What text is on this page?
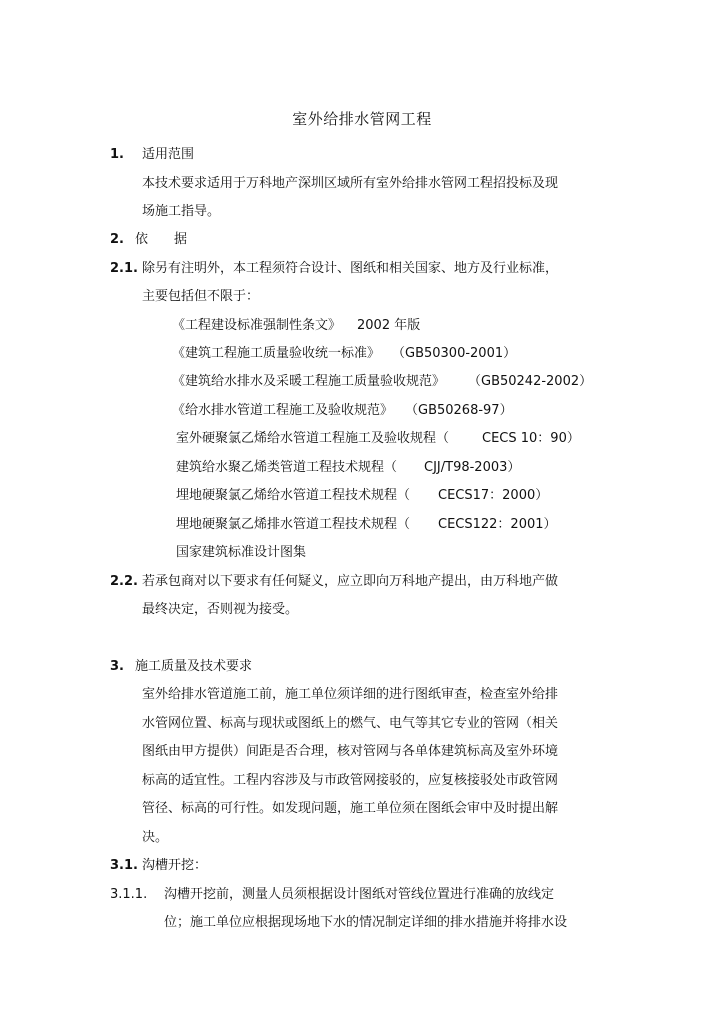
室外给排水管网工程
1. 适用范围
本技术要求适用于万科地产深圳区域所有室外给排水管网工程招投标及现
场施工指导。
2. 依　　据
2.1. 除另有注明外，本工程须符合设计、图纸和相关国家、地方及行业标准，
主要包括但不限于：
《工程建设标准强制性条文》 2002 年版
《建筑工程施工质量验收统一标准》 （GB50300-2001）
《建筑给水排水及采暖工程施工质量验收规范》 （GB50242-2002）
《给水排水管道工程施工及验收规范》 （GB50268-97）
室外硬聚氯乙烯给水管道工程施工及验收规程（	CECS 10：90）
建筑给水聚乙烯类管道工程技术规程（ CJJ/T98-2003）
埋地硬聚氯乙烯给水管道工程技术规程（ CECS17：2000）
埋地硬聚氯乙烯排水管道工程技术规程（ CECS122：2001）
国家建筑标准设计图集
2.2. 若承包商对以下要求有任何疑义，应立即向万科地产提出，由万科地产做
最终决定，否则视为接受。
3. 施工质量及技术要求
室外给排水管道施工前，施工单位须详细的进行图纸审查，检查室外给排
水管网位置、标高与现状或图纸上的燃气、电气等其它专业的管网（相关
图纸由甲方提供）间距是否合理，核对管网与各单体建筑标高及室外环境
标高的适宜性。工程内容涉及与市政管网接驳的，应复核接驳处市政管网
管径、标高的可行性。如发现问题，施工单位须在图纸会审中及时提出解
决。
3.1. 沟槽开挖：
3.1.1. 沟槽开挖前，测量人员须根据设计图纸对管线位置进行准确的放线定
位；施工单位应根据现场地下水的情况制定详细的排水措施并将排水设
